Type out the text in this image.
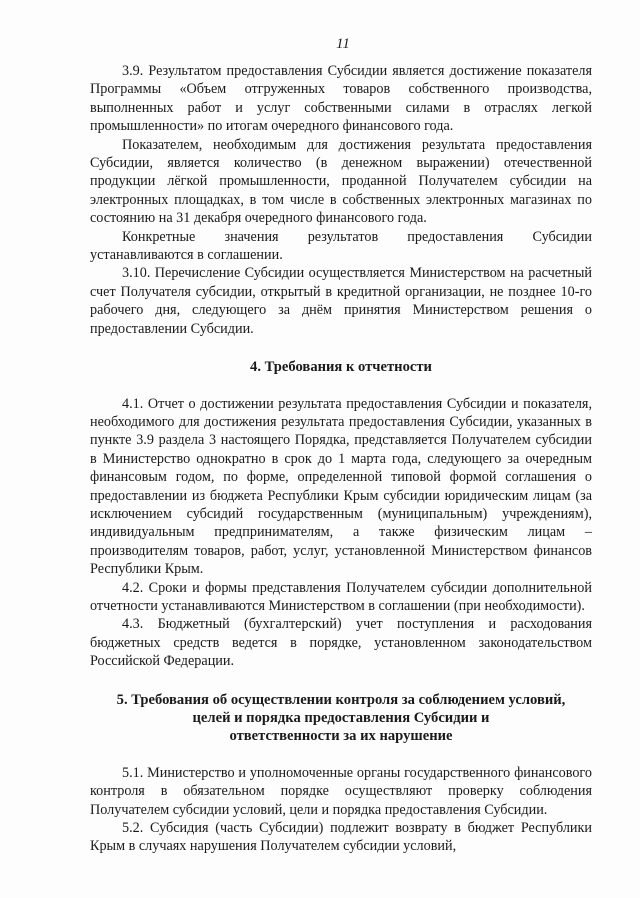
11

3.9. Результатом предоставления Субсидии является достижение показателя Программы «Объем отгруженных товаров собственного производства, выполненных работ и услуг собственными силами в отраслях легкой промышленности» по итогам очередного финансового года.

Показателем, необходимым для достижения результата предоставления Субсидии, является количество (в денежном выражении) отечественной продукции лёгкой промышленности, проданной Получателем субсидии на электронных площадках, в том числе в собственных электронных магазинах по состоянию на 31 декабря очередного финансового года.

Конкретные значения результатов предоставления Субсидии устанавливаются в соглашении.

3.10. Перечисление Субсидии осуществляется Министерством на расчетный счет Получателя субсидии, открытый в кредитной организации, не позднее 10-го рабочего дня, следующего за днём принятия Министерством решения о предоставлении Субсидии.

4. Требования к отчетности

4.1. Отчет о достижении результата предоставления Субсидии и показателя, необходимого для достижения результата предоставления Субсидии, указанных в пункте 3.9 раздела 3 настоящего Порядка, представляется Получателем субсидии в Министерство однократно в срок до 1 марта года, следующего за очередным финансовым годом, по форме, определенной типовой формой соглашения о предоставлении из бюджета Республики Крым субсидии юридическим лицам (за исключением субсидий государственным (муниципальным) учреждениям), индивидуальным предпринимателям, а также физическим лицам – производителям товаров, работ, услуг, установленной Министерством финансов Республики Крым.

4.2. Сроки и формы представления Получателем субсидии дополнительной отчетности устанавливаются Министерством в соглашении (при необходимости).

4.3. Бюджетный (бухгалтерский) учет поступления и расходования бюджетных средств ведется в порядке, установленном законодательством Российской Федерации.

5. Требования об осуществлении контроля за соблюдением условий,
целей и порядка предоставления Субсидии и
ответственности за их нарушение

5.1. Министерство и уполномоченные органы государственного финансового контроля в обязательном порядке осуществляют проверку соблюдения Получателем субсидии условий, цели и порядка предоставления Субсидии.

5.2. Субсидия (часть Субсидии) подлежит возврату в бюджет Республики Крым в случаях нарушения Получателем субсидии условий,
